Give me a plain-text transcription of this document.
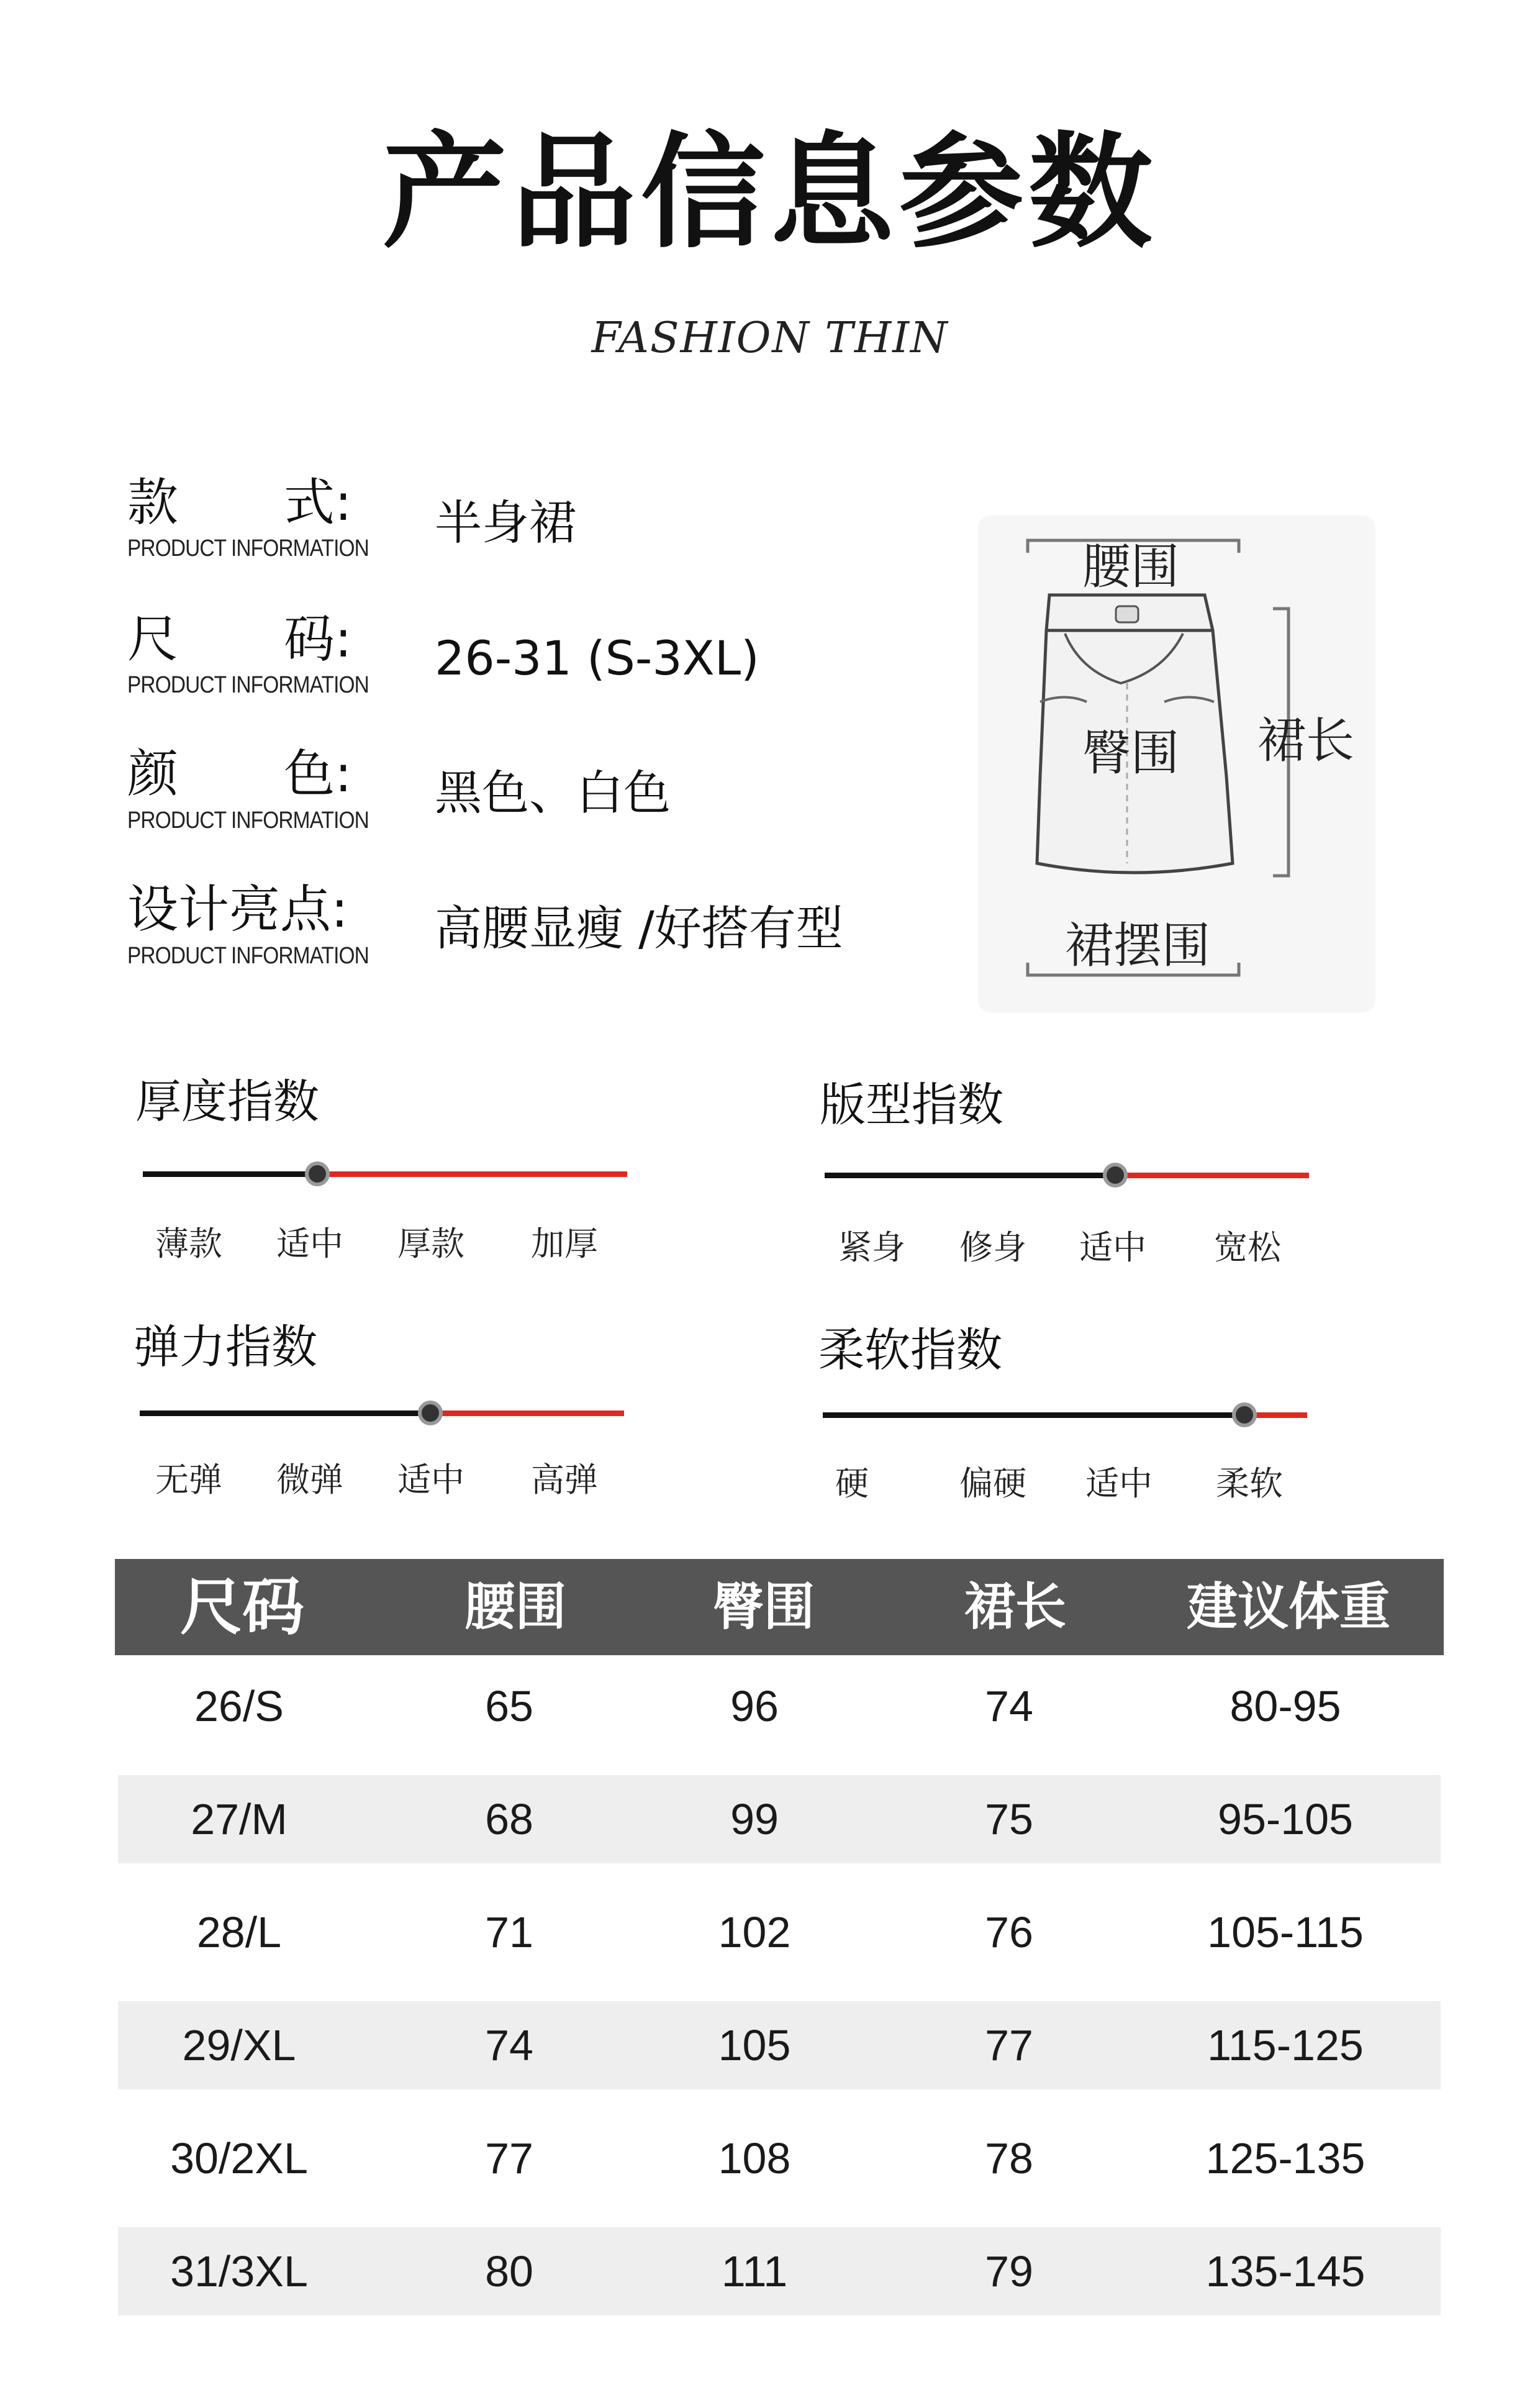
产品信息参数
FASHION THIN
款 式:
PRODUCT INFORMATION 半身裙
尺 码:
PRODUCT INFORMATION 26-31 (S-3XL)
颜 色:
PRODUCT INFORMATION 黑色、白色
设计亮点:
PRODUCT INFORMATION 高腰显瘦 /好搭有型
腰围
臀围 裙长
裙摆围
厚度指数
薄款 适中 厚款 加厚
版型指数
紧身 修身 适中 宽松
弹力指数
无弹 微弹 适中 高弹
柔软指数
硬	偏硬 适中 柔软
尺码	腰围	臀围	裙长	建议体重
26/S	65	96	74	80-95
27/M	68	99	75	95-105
28/L	71	102	76	105-115
29/XL	74	105	77	115-125
30/2XL	77	108	78	125-135
31/3XL	80	111	79	135-145
